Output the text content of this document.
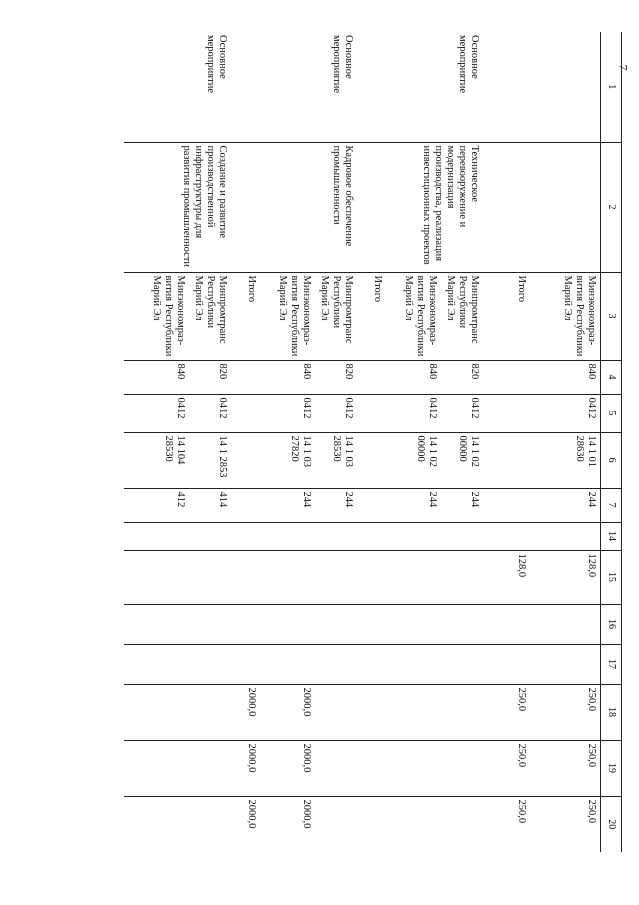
7
1	2	3	4	5	6	7	14	15	16	17	18	19	20
		Минэкономраз-вития Республики Марий Эл	840	0412	14 1 01 28630	244		128,0			250,0	250,0	250,0
		Итого						128,0			250,0	250,0	250,0
Основное мероприятие	Техническое перевооружение и модернизация производства, реализация инвестиционных проектов	Минпромтранс Республики Марий Эл	820	0412	14 1 02 00000	244							
		Минэкономраз-вития Республики Марий Эл	840	0412	14 1 02 00000	244							
		Итого											
Основное мероприятие	Кадровое обеспечение промышленности	Минпромтранс Республики Марий Эл	820	0412	14 1 03 28530	244							
		Минэкономраз-вития Республики Марий Эл	840	0412	14 1 03 27820	244					2000,0	2000,0	2000,0
		Итого									2000,0	2000,0	2000,0
Основное мероприятие	Создание и развитие производственной инфраструктуры для развития промышленности	Минпромтранс Республики Марий Эл	820	0412	14 1 2853	414							
		Минэкономраз-вития Республики Марий Эл	840	0412	14 104 28530	412							
